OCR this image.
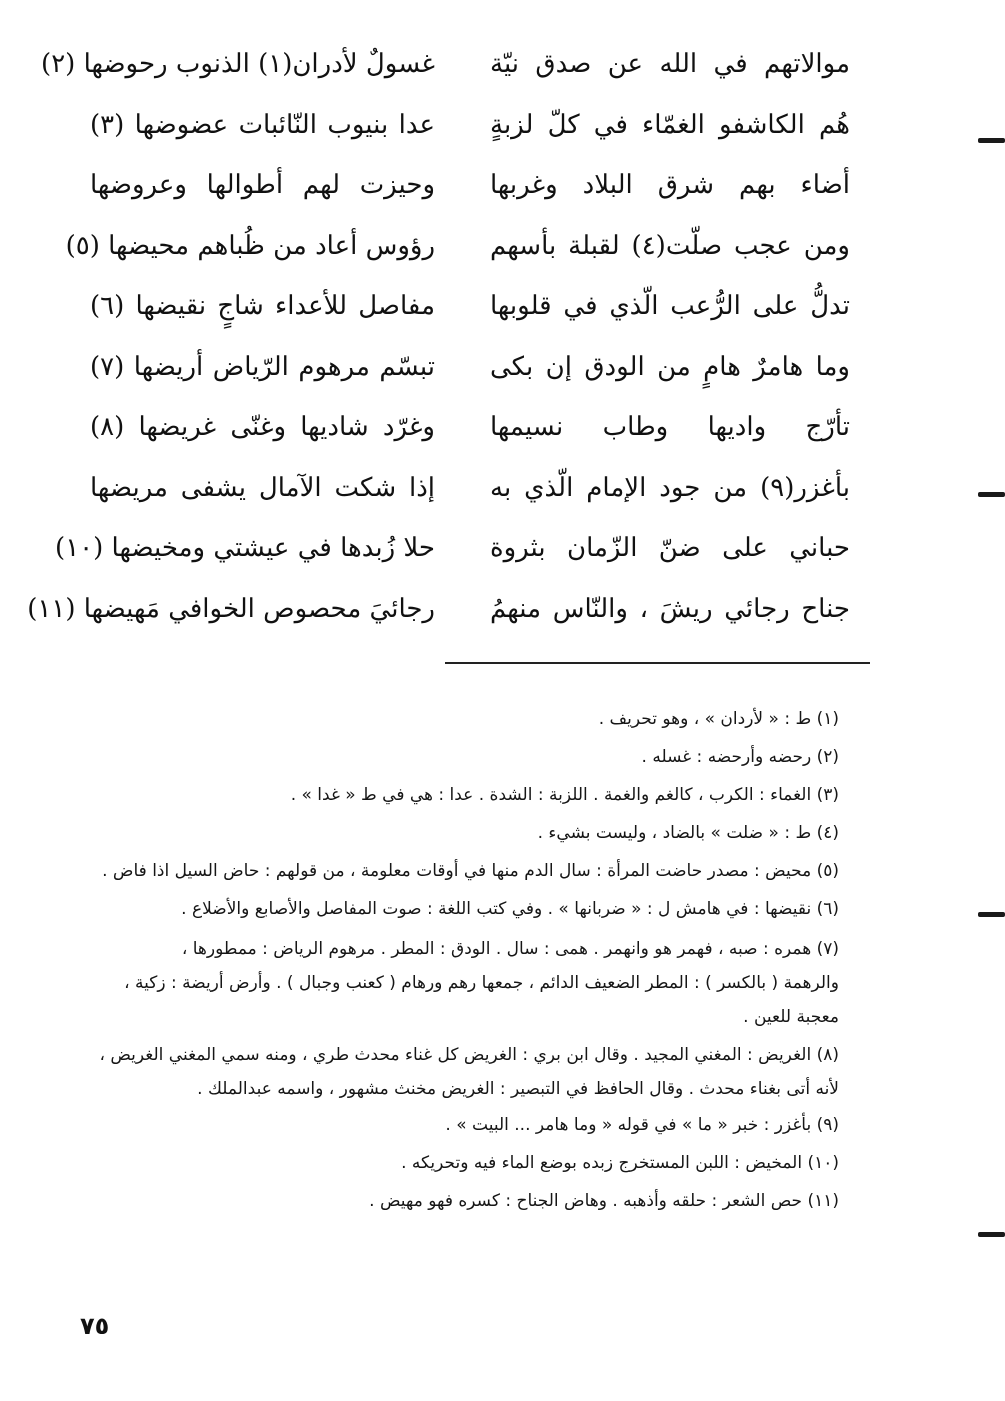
موالاتهم في الله عن صدق نيّة
غسولٌ لأدران(١) الذنوب رحوضها (٢)
هُم الكاشفو الغمّاء في كلّ لزبةٍ
عدا بنيوب النّائبات عضوضها (٣)
أضاء بهم شرق البلاد وغربها
وحيزت لهم أطوالها وعروضها
ومن عجب صلّت(٤) لقبلة بأسهم
رؤوس أعاد من ظُباهم محيضها (٥)
تدلُّ على الرُّعب الّذي في قلوبها
مفاصل للأعداء شاجٍ نقيضها (٦)
وما هامرٌ هامٍ من الودق إن بكى
تبسّم مرهوم الرّياض أريضها (٧)
تأرّج واديها وطاب نسيمها
وغرّد شاديها وغنّى غريضها (٨)
بأغزر(٩) من جود الإمام الّذي به
إذا شكت الآمال يشفى مريضها
حباني على ضنّ الزّمان بثروة
حلا زُبدها في عيشتي ومخيضها (١٠)
جناح رجائي ريشَ ، والنّاس منهمُ
رجائيَ محصوص الخوافي مَهيضها (١١)
(١) ط : « لأردان » ، وهو تحريف .
(٢) رحضه وأرحضه : غسله .
(٣) الغماء : الكرب ، كالغم والغمة . اللزبة : الشدة . عدا : هي في ط « غدا » .
(٤) ط : « ضلت » بالضاد ، وليست بشيء .
(٥) محيض : مصدر حاضت المرأة : سال الدم منها في أوقات معلومة ، من قولهم : حاض السيل اذا فاض .
(٦) نقيضها : في هامش ل : « ضربانها » . وفي كتب اللغة : صوت المفاصل والأصابع والأضلاع .
(٧) همره : صبه ، فهمر هو وانهمر . همى : سال . الودق : المطر . مرهوم الرياض : ممطورها ،
والرهمة ( بالكسر ) : المطر الضعيف الدائم ، جمعها رهم ورهام ( كعنب وجبال ) . وأرض أريضة : زكية ،
معجبة للعين .
(٨) الغريض : المغني المجيد . وقال ابن بري : الغريض كل غناء محدث طري ، ومنه سمي المغني الغريض ،
لأنه أتى بغناء محدث . وقال الحافظ في التبصير : الغريض مخنث مشهور ، واسمه عبدالملك .
(٩) بأغزر : خبر « ما » في قوله « وما هامر ... البيت » .
(١٠) المخيض : اللبن المستخرج زبده بوضع الماء فيه وتحريكه .
(١١) حص الشعر : حلقه وأذهبه . وهاض الجناح : كسره فهو مهيض .
٧٥
